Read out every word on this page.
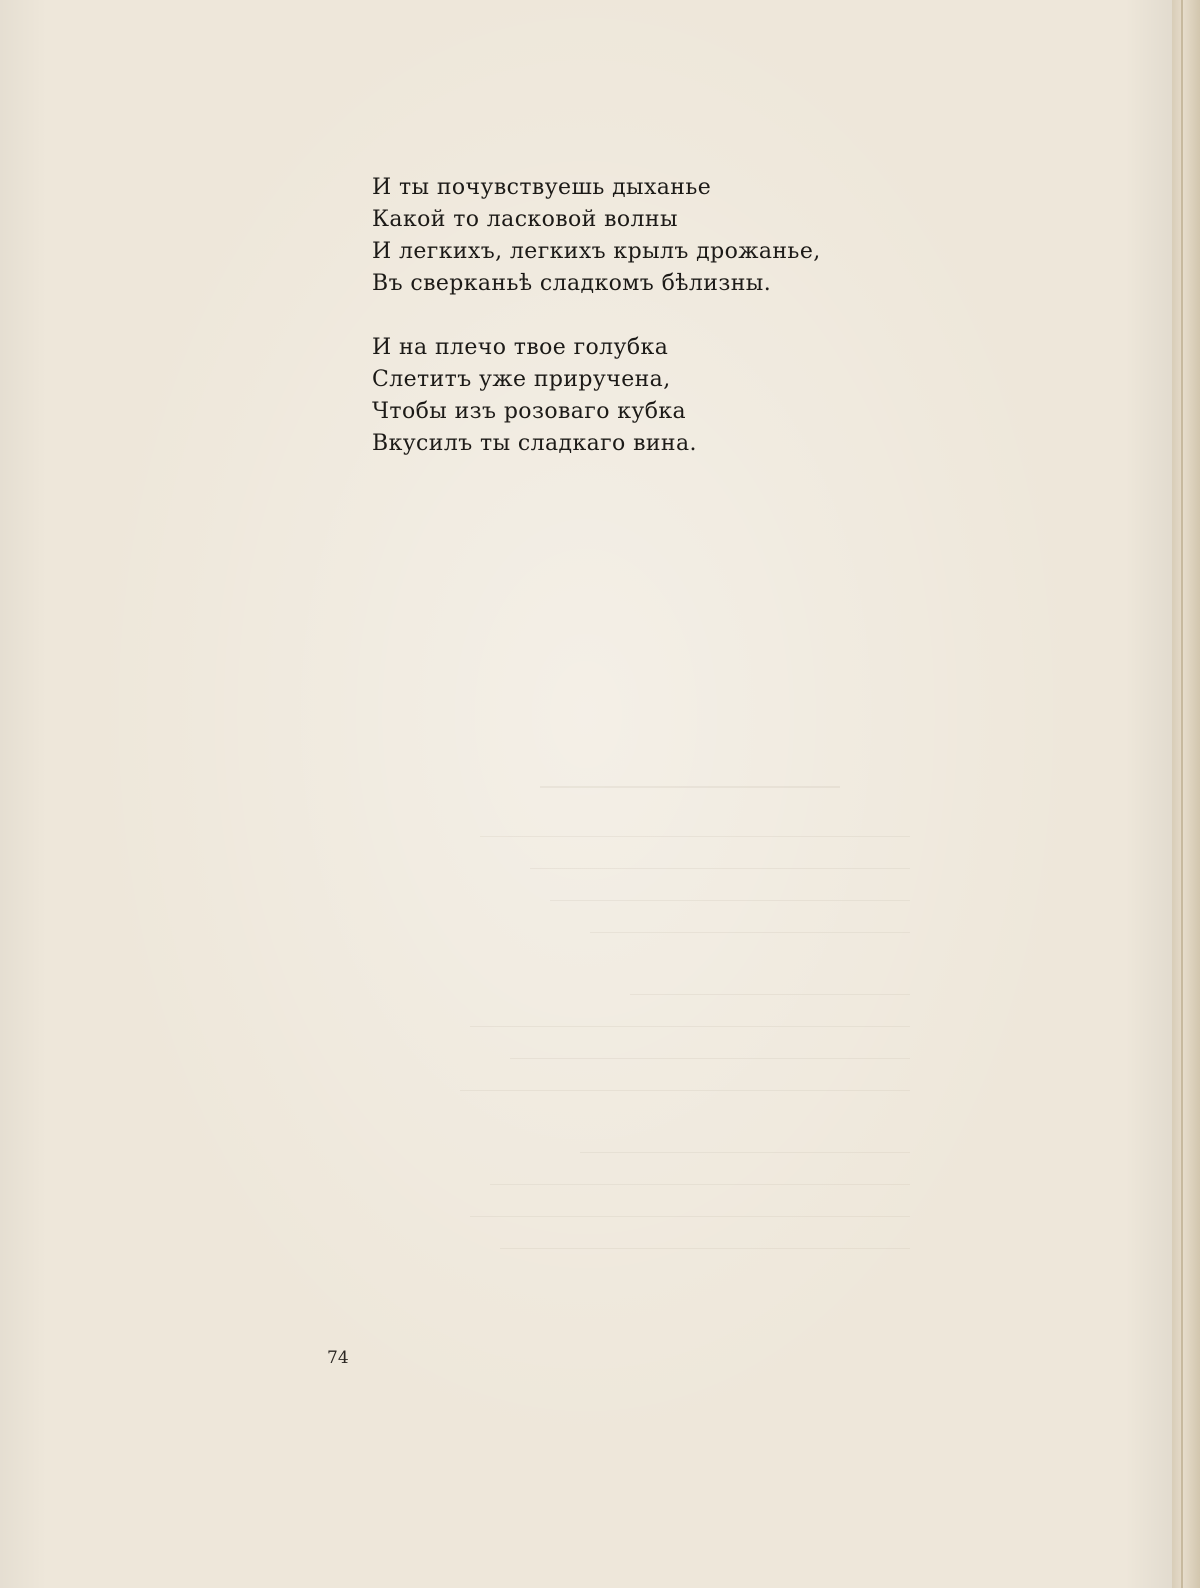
И ты почувствуешь дыханье
Какой то ласковой волны
И легкихъ, легкихъ крылъ дрожанье,
Въ сверканьѣ сладкомъ бѣлизны.
И на плечо твое голубка
Слетитъ уже приручена,
Чтобы изъ розоваго кубка
Вкусилъ ты сладкаго вина.
74
